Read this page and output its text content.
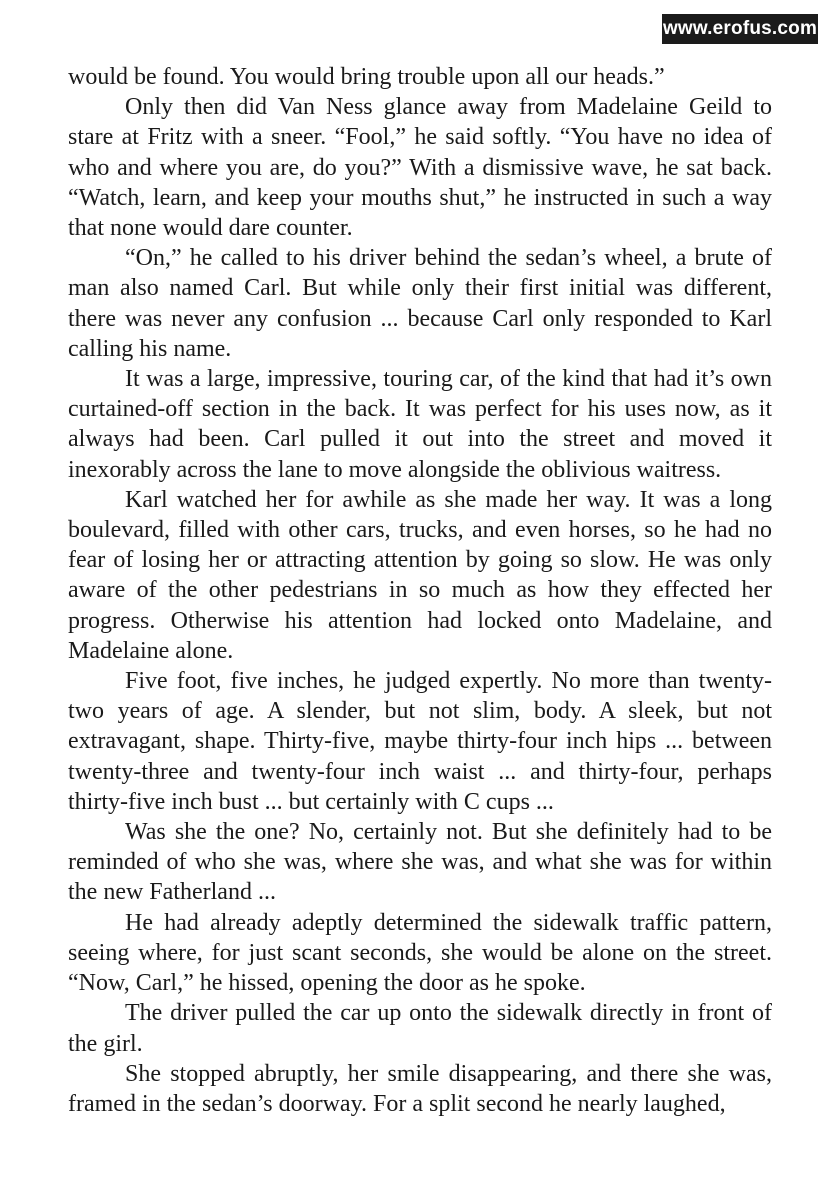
www.erofus.com

would be found. You would bring trouble upon all our heads.”

Only then did Van Ness glance away from Madelaine Geild to stare at Fritz with a sneer. “Fool,” he said softly. “You have no idea of who and where you are, do you?” With a dismissive wave, he sat back. “Watch, learn, and keep your mouths shut,” he instructed in such a way that none would dare counter.

“On,” he called to his driver behind the sedan’s wheel, a brute of man also named Carl. But while only their first initial was different, there was never any confusion ... because Carl only responded to Karl calling his name.

It was a large, impressive, touring car, of the kind that had it’s own curtained-off section in the back. It was perfect for his uses now, as it always had been. Carl pulled it out into the street and moved it inexorably across the lane to move alongside the oblivious waitress.

Karl watched her for awhile as she made her way. It was a long boulevard, filled with other cars, trucks, and even horses, so he had no fear of losing her or attracting attention by going so slow. He was only aware of the other pedestrians in so much as how they effected her progress. Otherwise his attention had locked onto Madelaine, and Madelaine alone.

Five foot, five inches, he judged expertly. No more than twenty-two years of age. A slender, but not slim, body. A sleek, but not extravagant, shape. Thirty-five, maybe thirty-four inch hips ... between twenty-three and twenty-four inch waist ... and thirty-four, perhaps thirty-five inch bust ... but certainly with C cups ...

Was she the one? No, certainly not. But she definitely had to be reminded of who she was, where she was, and what she was for within the new Fatherland ...

He had already adeptly determined the sidewalk traffic pattern, seeing where, for just scant seconds, she would be alone on the street. “Now, Carl,” he hissed, opening the door as he spoke.

The driver pulled the car up onto the sidewalk directly in front of the girl.

She stopped abruptly, her smile disappearing, and there she was, framed in the sedan’s doorway. For a split second he nearly laughed,
